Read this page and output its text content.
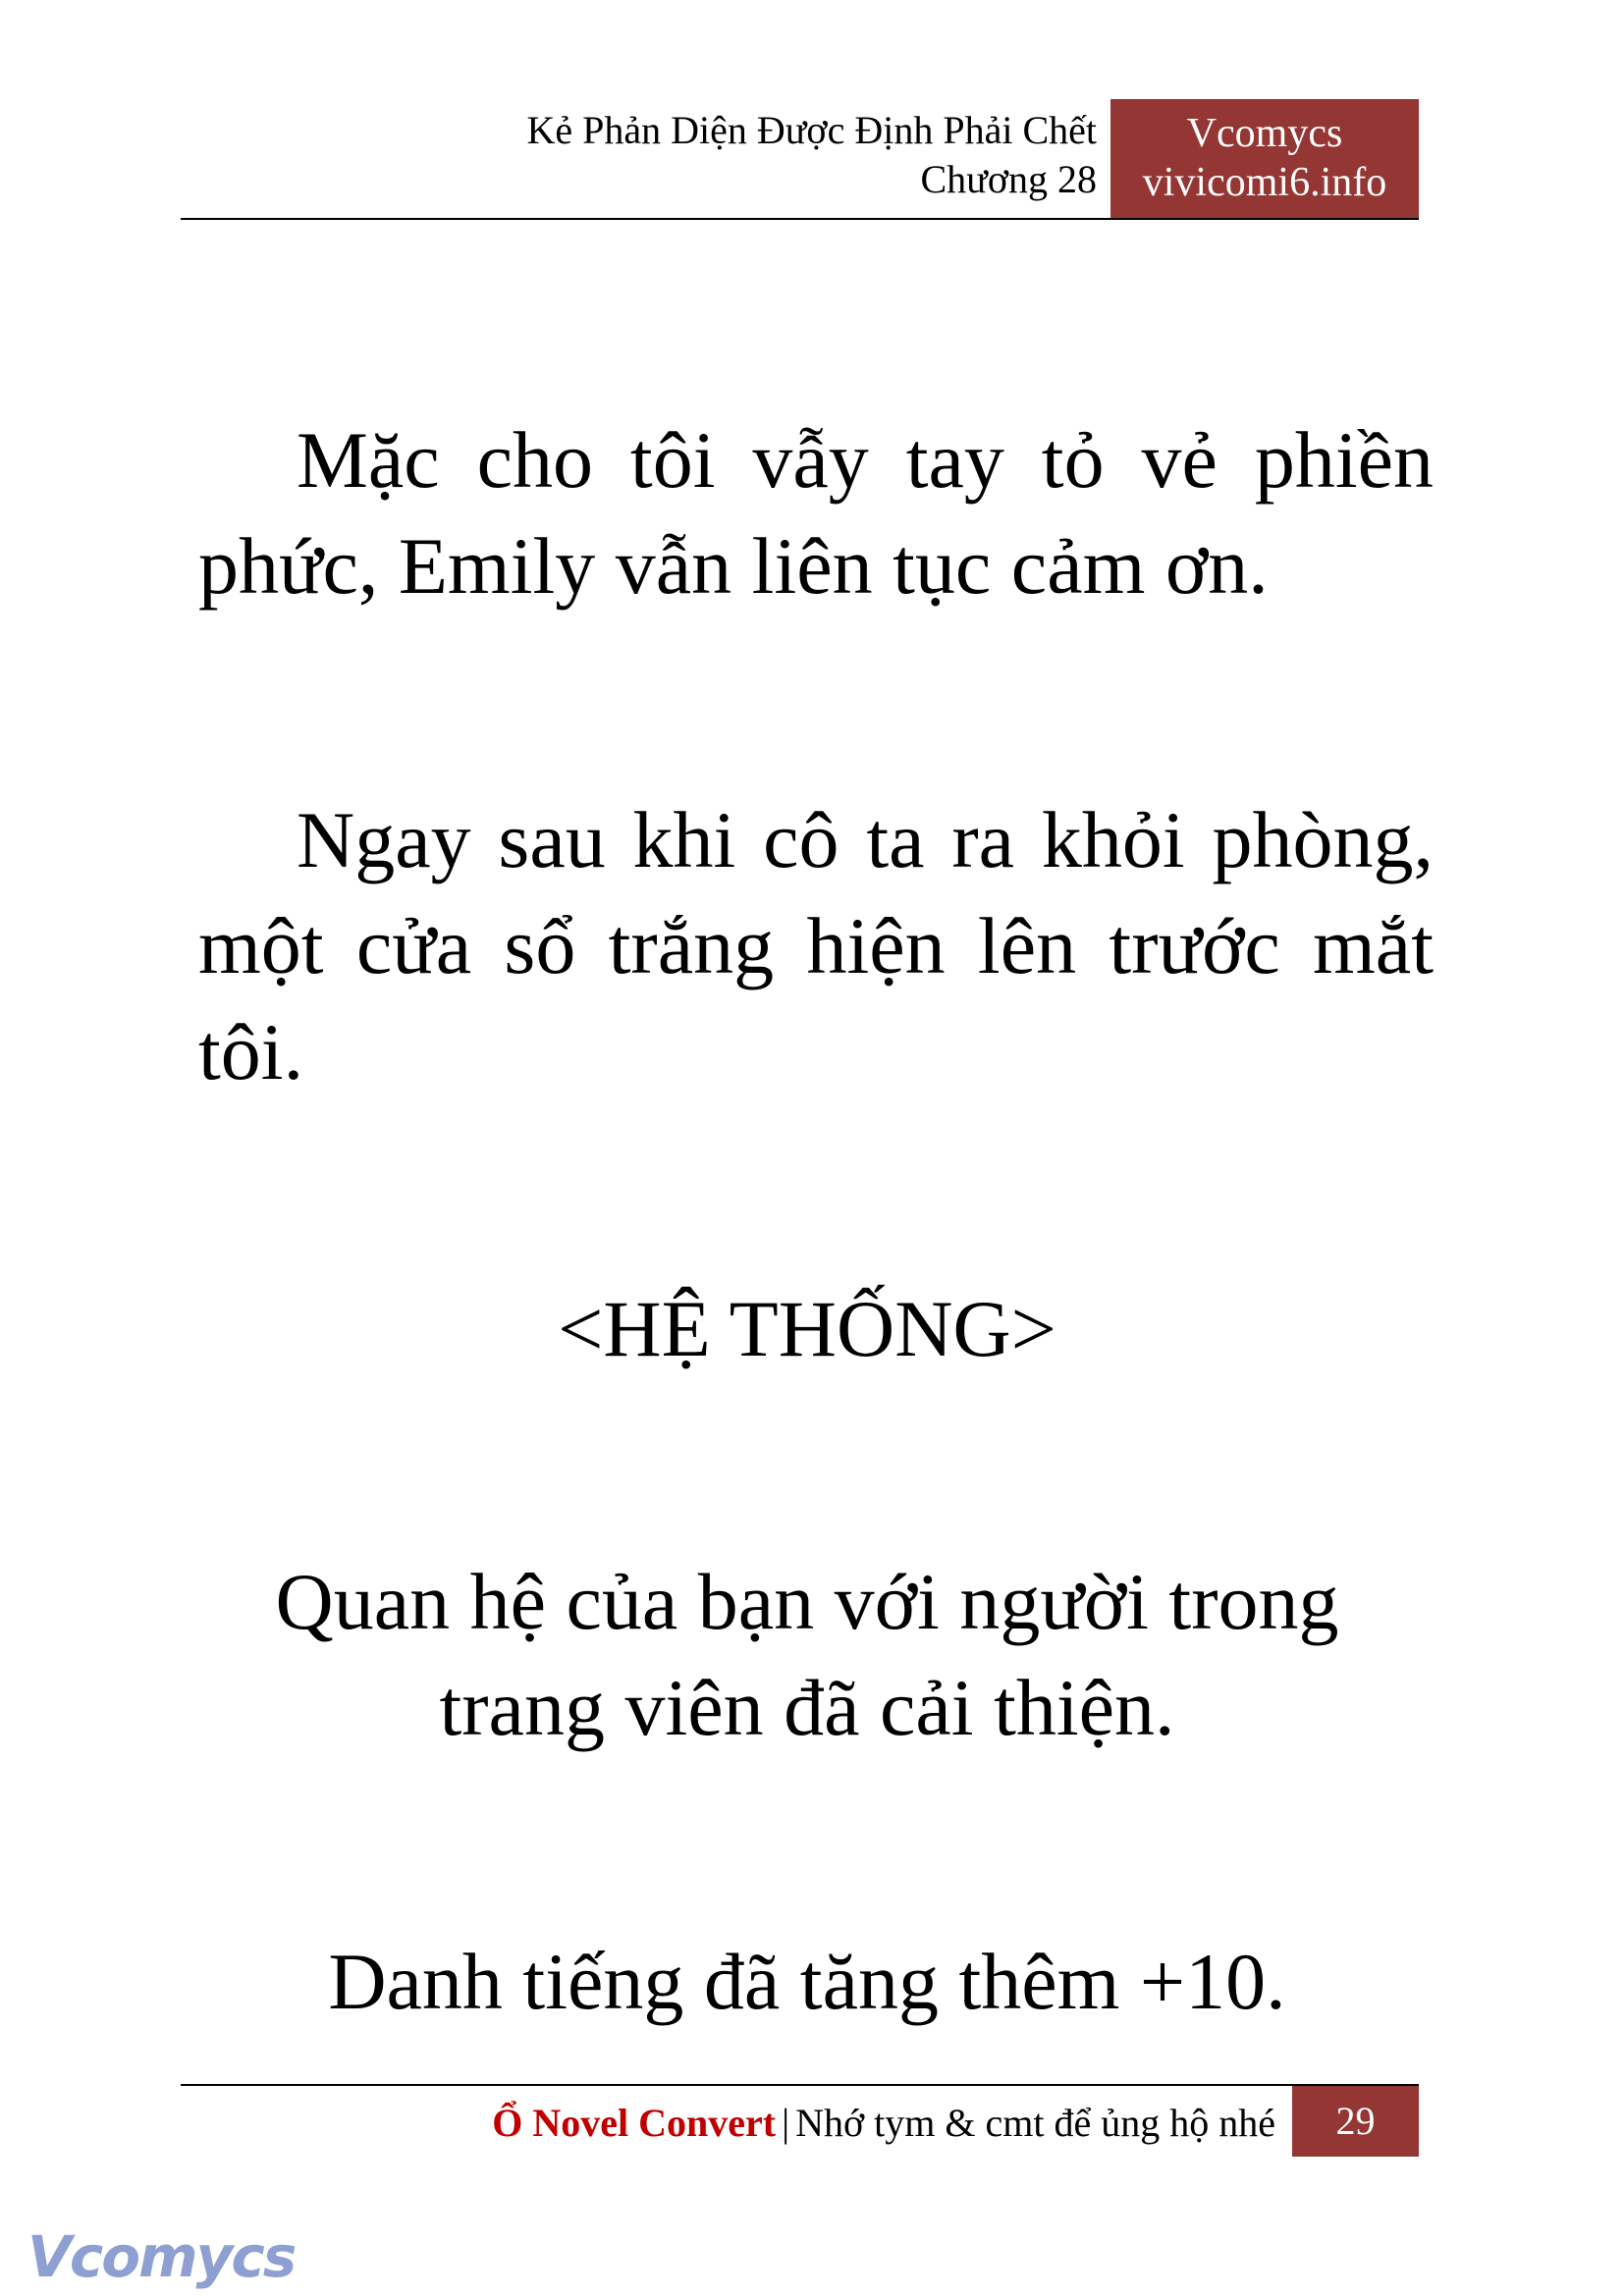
Kẻ Phản Diện Được Định Phải Chết
Chương 28
Vcomycs
vivicomi6.info
Mặc cho tôi vẫy tay tỏ vẻ phiền phức, Emily vẫn liên tục cảm ơn.
Ngay sau khi cô ta ra khỏi phòng, một cửa sổ trắng hiện lên trước mắt tôi.
<HỆ THỐNG>
Quan hệ của bạn với người trong
trang viên đã cải thiện.
Danh tiếng đã tăng thêm +10.
Ổ Novel Convert | Nhớ tym & cmt để ủng hộ nhé	29
Vcomycs
